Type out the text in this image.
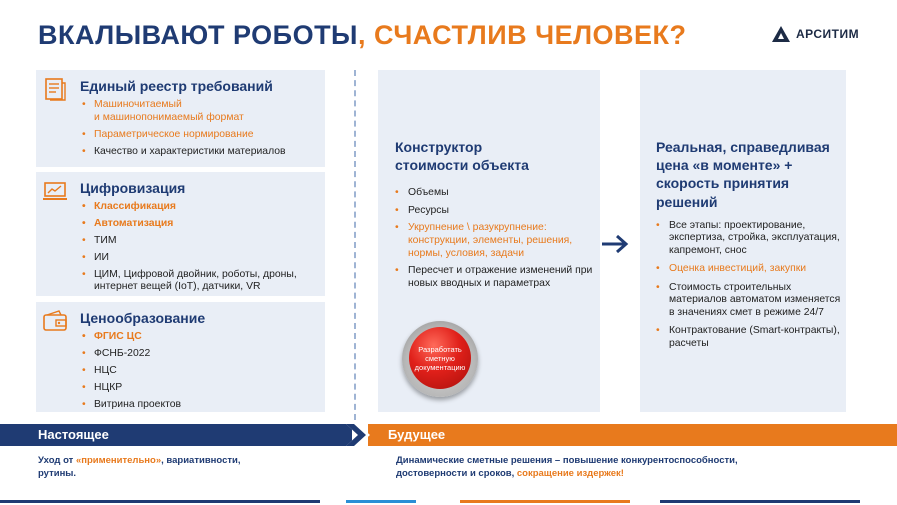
ВКАЛЫВАЮТ РОБОТЫ, СЧАСТЛИВ ЧЕЛОВЕК?	АРСИТИМ
Единый реестр требований
• Машиночитаемый
и машинопонимаемый формат
• Параметрическое нормирование
• Качество и характеристики материалов
Цифровизация
• Классификация
• Автоматизация
• ТИМ
• ИИ
• ЦИМ, Цифровой двойник, роботы, дроны, интернет вещей (IoT), датчики, VR
Ценообразование
• ФГИС ЦС
• ФСНБ-2022
• НЦС
• НЦКР
• Витрина проектов
Конструктор
стоимости объекта
• Объемы
• Ресурсы
• Укрупнение \ разукрупнение: конструкции, элементы, решения, нормы, условия, задачи
• Пересчет и отражение изменений при новых вводных и параметрах
Разработать сметную документацию
Реальная, справедливая цена «в моменте» + скорость принятия решений
• Все этапы: проектирование, экспертиза, стройка, эксплуатация, капремонт, снос
• Оценка инвестиций, закупки
• Стоимость строительных материалов автоматом изменяется в значениях смет в режиме 24/7
• Контрактование (Smart-контракты), расчеты
Настоящее	Будущее
Уход от «применительно», вариативности, рутины.
Динамические сметные решения – повышение конкурентоспособности, достоверности и сроков, сокращение издержек!
